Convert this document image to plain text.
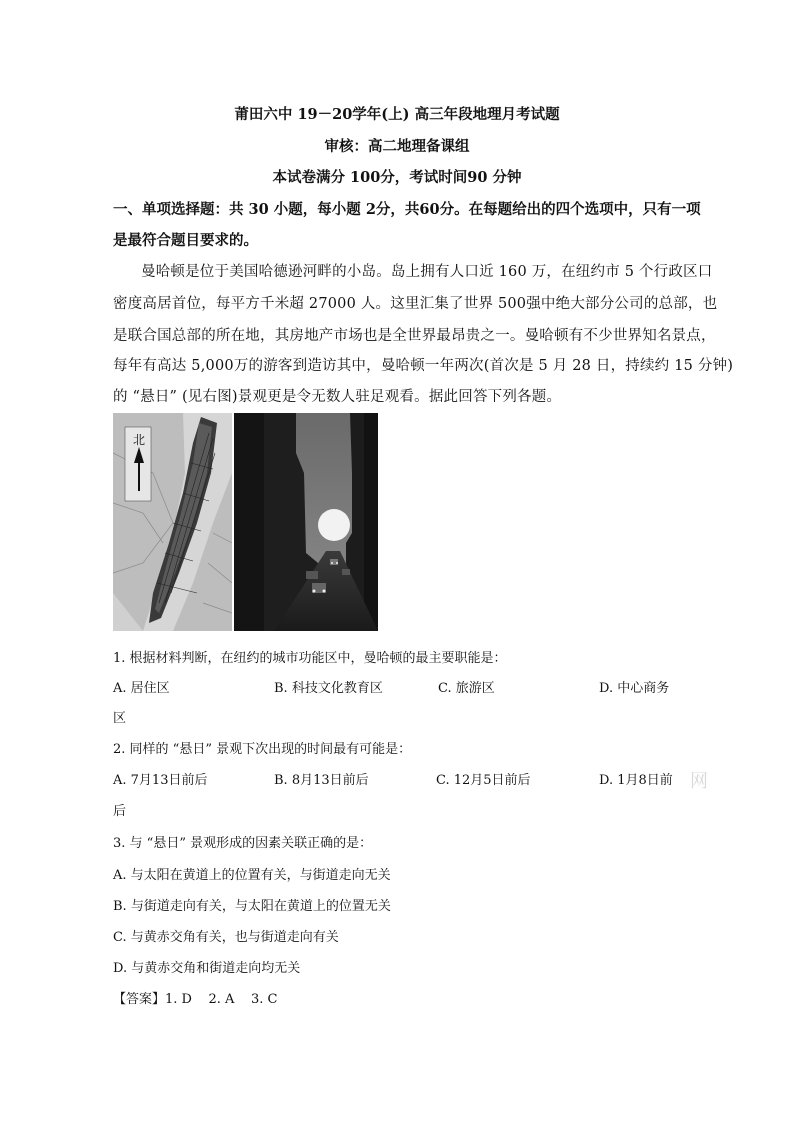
莆田六中 19－20学年(上) 高三年段地理月考试题
审核：高二地理备课组
本试卷满分 100分，考试时间90 分钟
一、单项选择题：共 30 小题，每小题 2分，共60分。在每题给出的四个选项中，只有一项
是最符合题目要求的。
曼哈顿是位于美国哈德逊河畔的小岛。岛上拥有人口近 160 万，在纽约市 5 个行政区口
密度高居首位，每平方千米超 27000 人。这里汇集了世界 500强中绝大部分公司的总部，也
是联合国总部的所在地，其房地产市场也是全世界最昂贵之一。曼哈顿有不少世界知名景点，
每年有高达 5,000万的游客到造访其中，曼哈顿一年两次(首次是 5 月 28 日，持续约 15 分钟)
的 “悬日” (见右图)景观更是令无数人驻足观看。据此回答下列各题。
北
1. 根据材料判断，在纽约的城市功能区中，曼哈顿的最主要职能是：
A. 居住区	B. 科技文化教育区	C. 旅游区	D. 中心商务
区
2. 同样的 “悬日” 景观下次出现的时间最有可能是：
A. 7月13日前后	B. 8月13日前后	C. 12月5日前后	D. 1月8日前 网
后
3. 与 “悬日” 景观形成的因素关联正确的是：
A. 与太阳在黄道上的位置有关，与街道走向无关
B. 与街道走向有关，与太阳在黄道上的位置无关
C. 与黄赤交角有关，也与街道走向有关
D. 与黄赤交角和街道走向均无关
【答案】1. D    2. A    3. C
